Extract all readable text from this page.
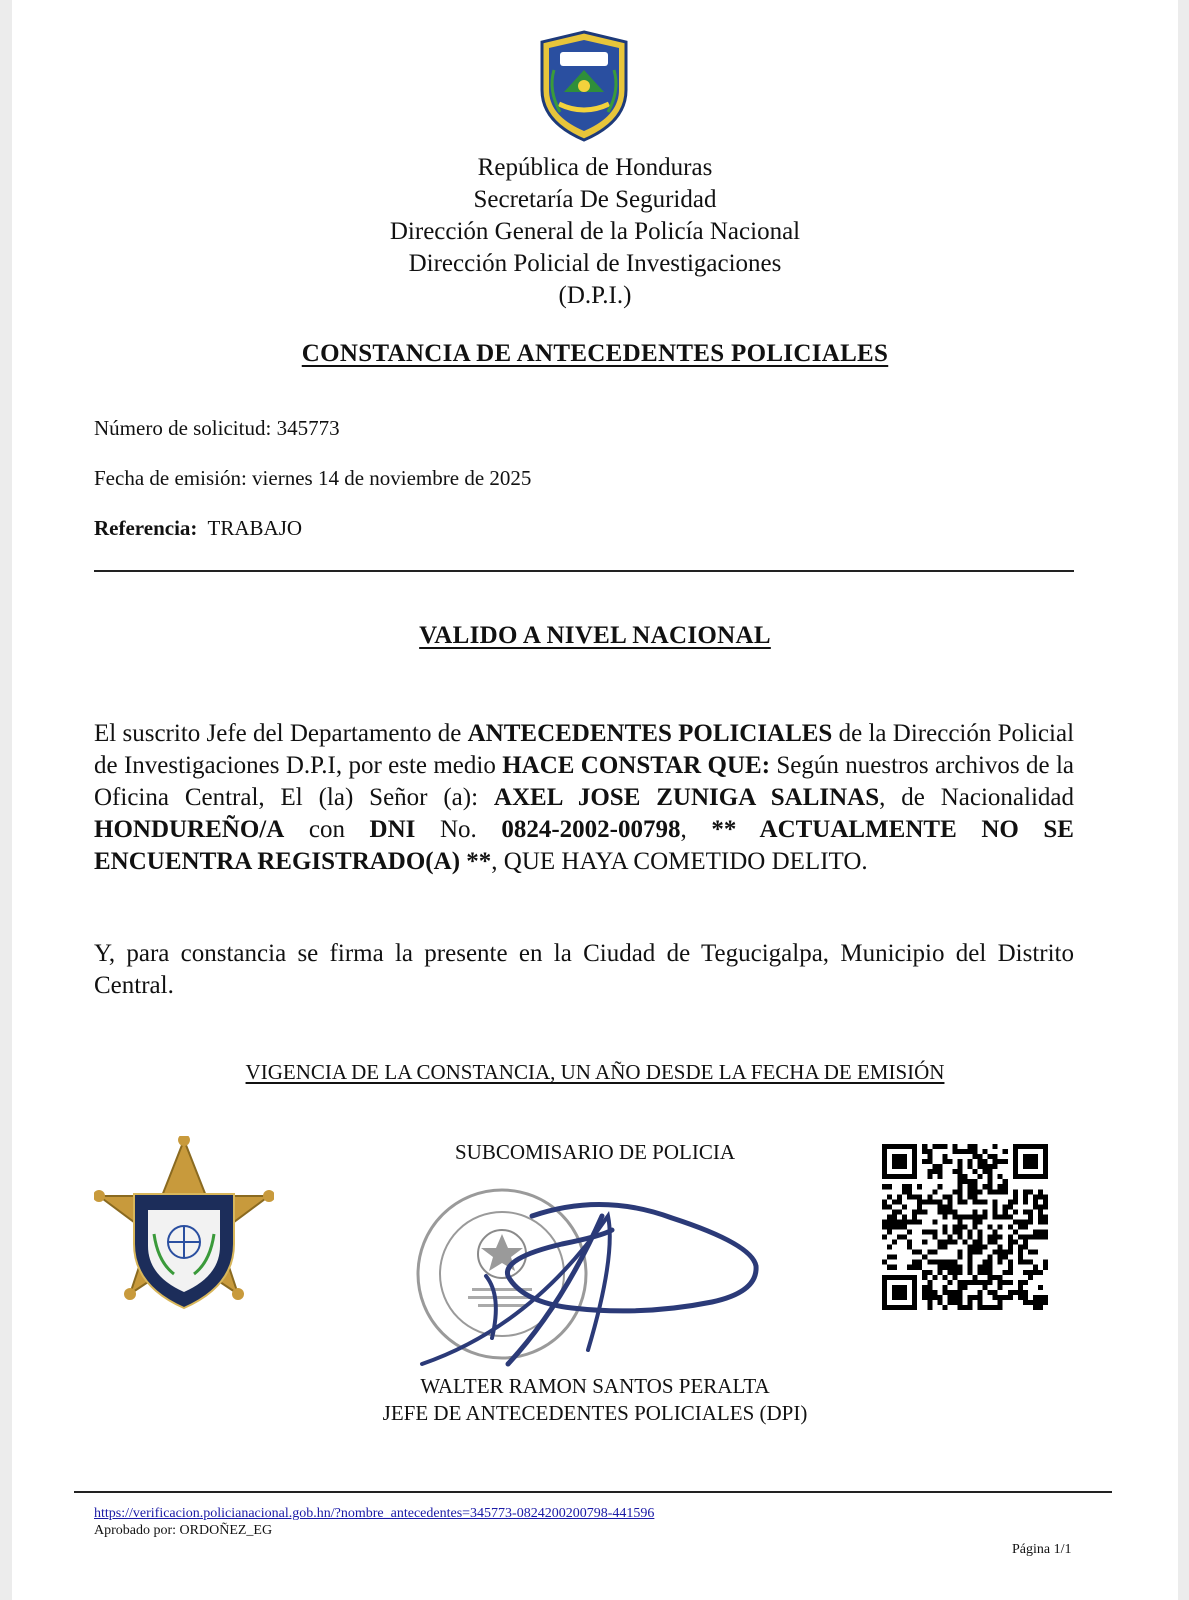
República de Honduras
Secretaría De Seguridad
Dirección General de la Policía Nacional
Dirección Policial de Investigaciones
(D.P.I.)
CONSTANCIA DE ANTECEDENTES POLICIALES
Número de solicitud: 345773
Fecha de emisión: viernes 14 de noviembre de 2025
Referencia: TRABAJO
VALIDO A NIVEL NACIONAL
El suscrito Jefe del Departamento de ANTECEDENTES POLICIALES de la Dirección Policial de Investigaciones D.P.I, por este medio HACE CONSTAR QUE: Según nuestros archivos de la Oficina Central, El (la) Señor (a): AXEL JOSE ZUNIGA SALINAS, de Nacionalidad HONDUREÑO/A con DNI No. 0824-2002-00798, ** ACTUALMENTE NO SE ENCUENTRA REGISTRADO(A) **, QUE HAYA COMETIDO DELITO.
Y, para constancia se firma la presente en la Ciudad de Tegucigalpa, Municipio del Distrito Central.
VIGENCIA DE LA CONSTANCIA, UN AÑO DESDE LA FECHA DE EMISIÓN
SUBCOMISARIO DE POLICIA
WALTER RAMON SANTOS PERALTA
JEFE DE ANTECEDENTES POLICIALES (DPI)
https://verificacion.policianacional.gob.hn/?nombre_antecedentes=345773-0824200200798-441596
Aprobado por: ORDOÑEZ_EG
Página 1/1
